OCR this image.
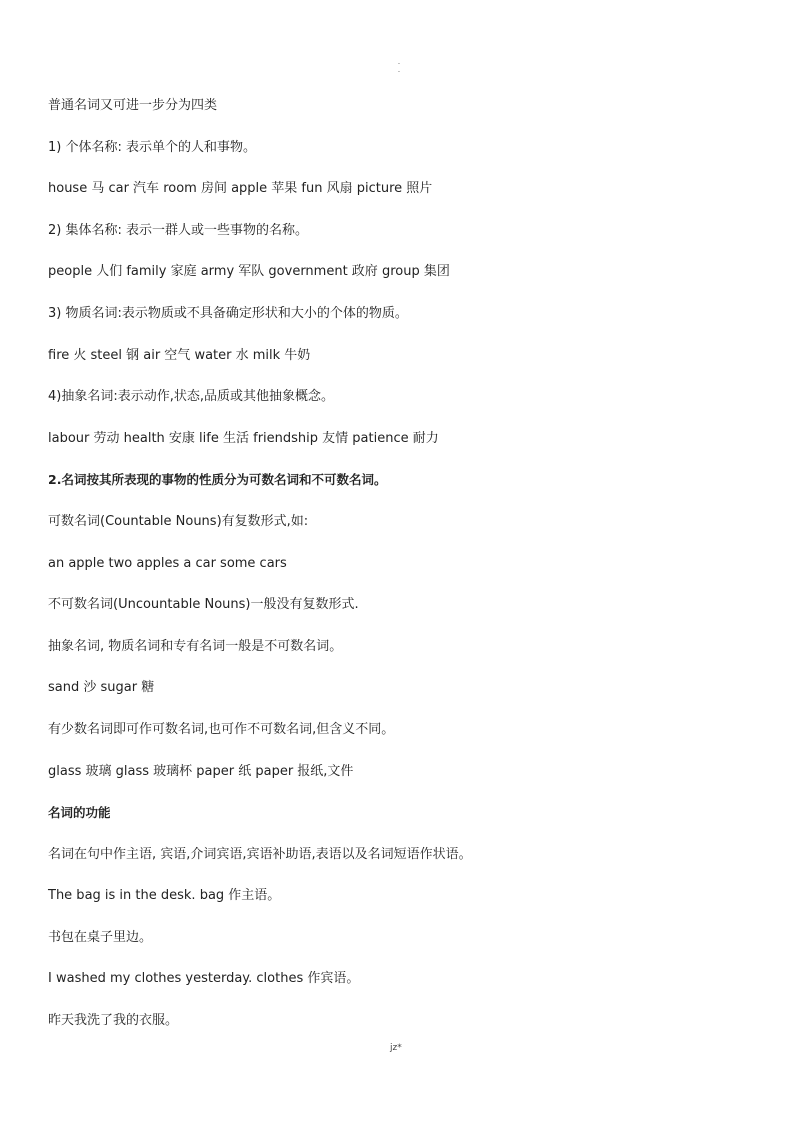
·
·
普通名词又可进一步分为四类
1) 个体名称: 表示单个的人和事物。
house 马 car 汽车 room 房间 apple 苹果 fun 风扇 picture 照片
2) 集体名称: 表示一群人或一些事物的名称。
people 人们 family 家庭 army 军队 government 政府 group 集团
3) 物质名词:表示物质或不具备确定形状和大小的个体的物质。
fire 火 steel 钢 air 空气 water 水 milk 牛奶
4)抽象名词:表示动作,状态,品质或其他抽象概念。
labour 劳动 health 安康 life 生活 friendship 友情 patience 耐力
2.名词按其所表现的事物的性质分为可数名词和不可数名词。
可数名词(Countable Nouns)有复数形式,如:
an apple two apples a car some cars
不可数名词(Uncountable Nouns)一般没有复数形式.
抽象名词, 物质名词和专有名词一般是不可数名词。
sand 沙 sugar 糖
有少数名词即可作可数名词,也可作不可数名词,但含义不同。
glass 玻璃 glass 玻璃杯 paper 纸 paper 报纸,文件
名词的功能
名词在句中作主语, 宾语,介词宾语,宾语补助语,表语以及名词短语作状语。
The bag is in the desk. bag 作主语。
书包在桌子里边。
I washed my clothes yesterday. clothes 作宾语。
昨天我洗了我的衣服。
jz*
